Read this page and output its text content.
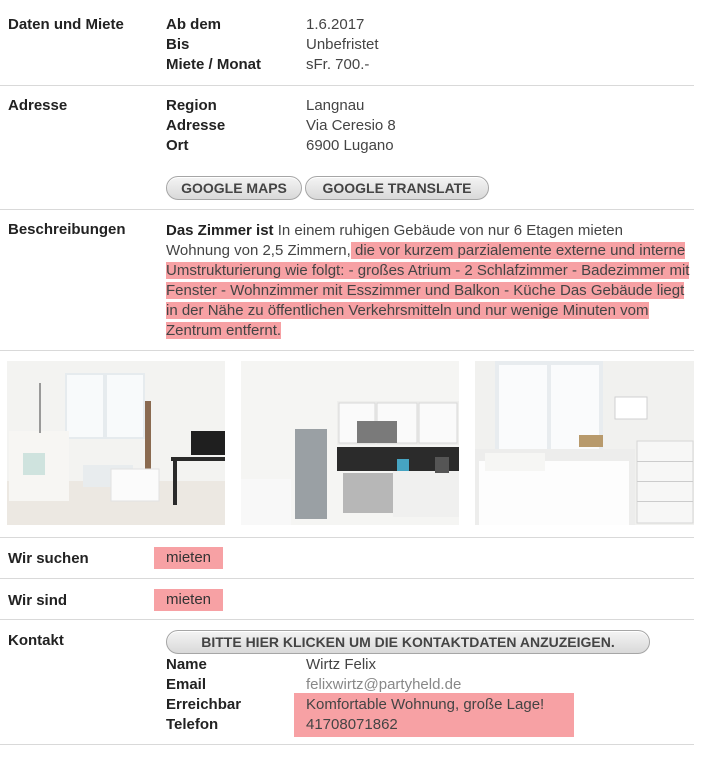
Daten und Miete	Ab dem	1.6.2017
Bis	Unbefristet
Miete / Monat	sFr. 700.-
Adresse	Region	Langnau
Adresse	Via Ceresio 8
Ort	6900 Lugano
GOOGLE MAPS	GOOGLE TRANSLATE
Beschreibungen	Das Zimmer ist In einem ruhigen Gebäude von nur 6 Etagen mieten Wohnung von 2,5 Zimmern, die vor kurzem parzialemente externe und interne Umstrukturierung wie folgt: - großes Atrium - 2 Schlafzimmer - Badezimmer mit Fenster - Wohnzimmer mit Esszimmer und Balkon - Küche Das Gebäude liegt in der Nähe zu öffentlichen Verkehrsmitteln und nur wenige Minuten vom Zentrum entfernt.
Wir suchen	mieten
Wir sind	mieten
Kontakt	BITTE HIER KLICKEN UM DIE KONTAKTDATEN ANZUZEIGEN.
Name	Wirtz Felix
Email	felixwirtz@partyheld.de
Erreichbar	Komfortable Wohnung, große Lage!
Telefon	41708071862
